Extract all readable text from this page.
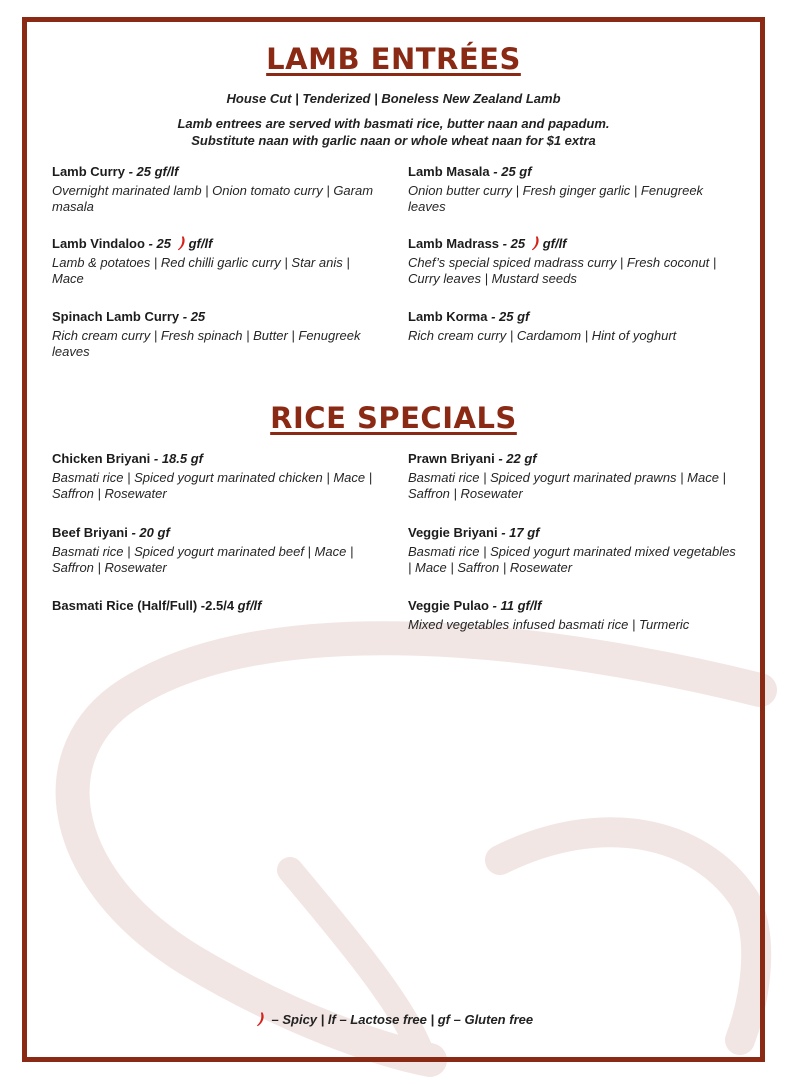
LAMB ENTRÉES
House Cut | Tenderized | Boneless New Zealand Lamb
Lamb entrees are served with basmati rice, butter naan and papadum.
Substitute naan with garlic naan or whole wheat naan for $1 extra
Lamb Curry - 25 gf/lf
Overnight marinated lamb | Onion tomato curry | Garam masala
Lamb Masala - 25 gf
Onion butter curry | Fresh ginger garlic | Fenugreek leaves
Lamb Vindaloo - 25 gf/lf
Lamb & potatoes | Red chilli garlic curry | Star anis | Mace
Lamb Madrass - 25 gf/lf
Chef’s special spiced madrass curry | Fresh coconut | Curry leaves | Mustard seeds
Spinach Lamb Curry - 25
Rich cream curry | Fresh spinach | Butter | Fenugreek leaves
Lamb Korma - 25 gf
Rich cream curry | Cardamom | Hint of yoghurt
RICE SPECIALS
Chicken Briyani - 18.5 gf
Basmati rice | Spiced yogurt marinated chicken | Mace | Saffron | Rosewater
Prawn Briyani - 22 gf
Basmati rice | Spiced yogurt marinated prawns | Mace | Saffron | Rosewater
Beef Briyani - 20 gf
Basmati rice | Spiced yogurt marinated beef | Mace | Saffron | Rosewater
Veggie Briyani - 17 gf
Basmati rice | Spiced yogurt marinated mixed vegetables | Mace | Saffron | Rosewater
Basmati Rice (Half/Full) -2.5/4 gf/lf	Veggie Pulao - 11 gf/lf
Mixed vegetables infused basmati rice | Turmeric
– Spicy | lf – Lactose free | gf – Gluten free
